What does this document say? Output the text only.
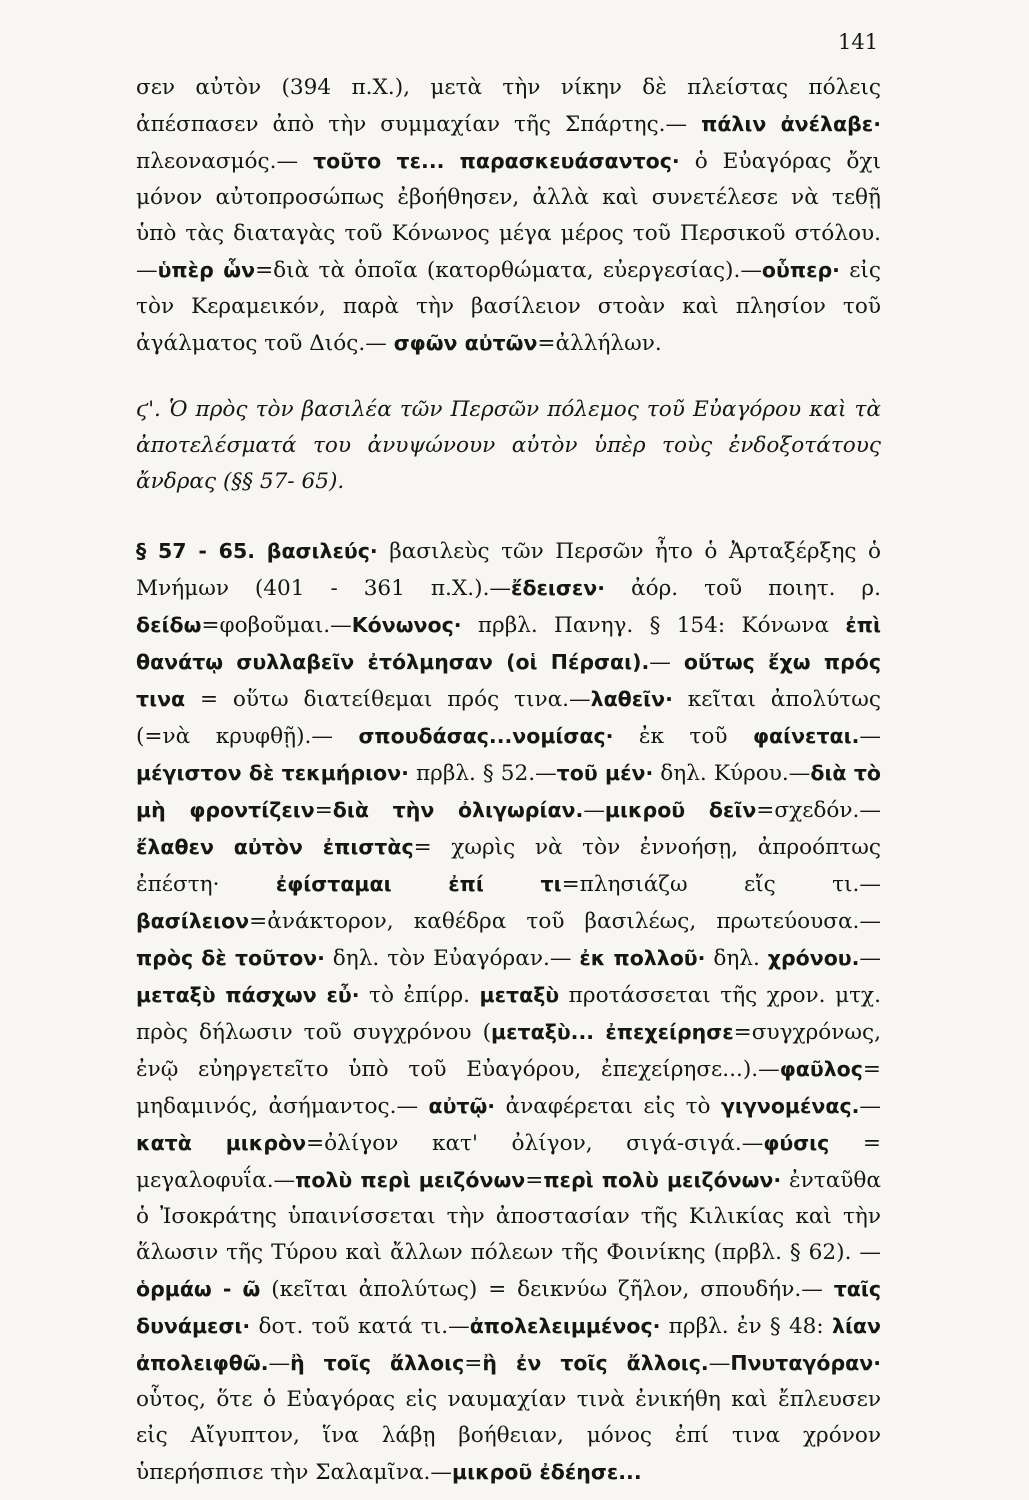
141

σεν αὐτὸν (394 π.Χ.), μετὰ τὴν νίκην δὲ πλείστας πόλεις ἀπέσπασεν ἀπὸ τὴν συμμαχίαν τῆς Σπάρτης.— πάλιν ἀνέλαβε· πλεονασμός.— τοῦτο τε... παρασκευάσαντος· ὁ Εὐαγόρας ὄχι μόνον αὐτοπροσώπως ἐβοήθησεν, ἀλλὰ καὶ συνετέλεσε νὰ τεθῇ ὑπὸ τὰς διαταγὰς τοῦ Κόνωνος μέγα μέρος τοῦ Περσικοῦ στόλου.—ὑπὲρ ὧν=διὰ τὰ ὁποῖα (κατορθώματα, εὐεργεσίας).—οὗπερ· εἰς τὸν Κεραμεικόν, παρὰ τὴν βασίλειον στοὰν καὶ πλησίον τοῦ ἀγάλματος τοῦ Διός.— σφῶν αὐτῶν=ἀλλήλων.

ϛ'. Ὁ πρὸς τὸν βασιλέα τῶν Περσῶν πόλεμος τοῦ Εὐαγόρου καὶ τὰ ἀποτελέσματά του ἀνυψώνουν αὐτὸν ὑπὲρ τοὺς ἐνδοξοτάτους ἄνδρας (§§ 57- 65).

§ 57 - 65. βασιλεύς· βασιλεὺς τῶν Περσῶν ἦτο ὁ Ἀρταξέρξης ὁ Μνήμων (401 - 361 π.Χ.).—ἔδεισεν· ἀόρ. τοῦ ποιητ. ρ. δείδω=φοβοῦμαι.—Κόνωνος· πρβλ. Πανηγ. § 154: Κόνωνα ἐπὶ θανάτῳ συλλαβεῖν ἐτόλμησαν (οἱ Πέρσαι).— οὕτως ἔχω πρός τινα = οὕτω διατείθεμαι πρός τινα.—λαθεῖν· κεῖται ἀπολύτως (=νὰ κρυφθῇ).— σπουδάσας...νομίσας· ἐκ τοῦ φαίνεται.—μέγιστον δὲ τεκμήριον· πρβλ. § 52.—τοῦ μέν· δηλ. Κύρου.—διὰ τὸ μὴ φροντίζειν=διὰ τὴν ὀλιγωρίαν.—μικροῦ δεῖν=σχεδόν.—ἔλαθεν αὐτὸν ἐπιστὰς= χωρὶς νὰ τὸν ἐννοήσῃ, ἀπροόπτως ἐπέστη· ἐφίσταμαι ἐπί τι=πλησιάζω εἴς τι.—βασίλειον=ἀνάκτορον, καθέδρα τοῦ βασιλέως, πρωτεύουσα.— πρὸς δὲ τοῦτον· δηλ. τὸν Εὐαγόραν.— ἐκ πολλοῦ· δηλ. χρόνου.—μεταξὺ πάσχων εὖ· τὸ ἐπίρρ. μεταξὺ προτάσσεται τῆς χρον. μτχ. πρὸς δήλωσιν τοῦ συγχρόνου (μεταξὺ... ἐπεχείρησε=συγχρόνως, ἐνῷ εὐηργετεῖτο ὑπὸ τοῦ Εὐαγόρου, ἐπεχείρησε...).—φαῦλος= μηδαμινός, ἀσήμαντος.— αὐτῷ· ἀναφέρεται εἰς τὸ γιγνομένας.— κατὰ μικρὸν=ὀλίγον κατ' ὀλίγον, σιγά-σιγά.—φύσις = μεγαλοφυΐα.—πολὺ περὶ μειζόνων=περὶ πολὺ μειζόνων· ἐνταῦθα ὁ Ἰσοκράτης ὑπαινίσσεται τὴν ἀποστασίαν τῆς Κιλικίας καὶ τὴν ἅλωσιν τῆς Τύρου καὶ ἄλλων πόλεων τῆς Φοινίκης (πρβλ. § 62). — ὁρμάω - ῶ (κεῖται ἀπολύτως) = δεικνύω ζῆλον, σπουδήν.— ταῖς δυνάμεσι· δοτ. τοῦ κατά τι.—ἀπολελειμμένος· πρβλ. ἐν § 48: λίαν ἀπολειφθῶ.—ἢ τοῖς ἄλλοις=ἢ ἐν τοῖς ἄλλοις.—Πνυταγόραν· οὗτος, ὅτε ὁ Εὐαγόρας εἰς ναυμαχίαν τινὰ ἐνικήθη καὶ ἔπλευσεν εἰς Αἴγυπτον, ἵνα λάβῃ βοήθειαν, μόνος ἐπί τινα χρόνον ὑπερήσπισε τὴν Σαλαμῖνα.—μικροῦ ἐδέησε...
